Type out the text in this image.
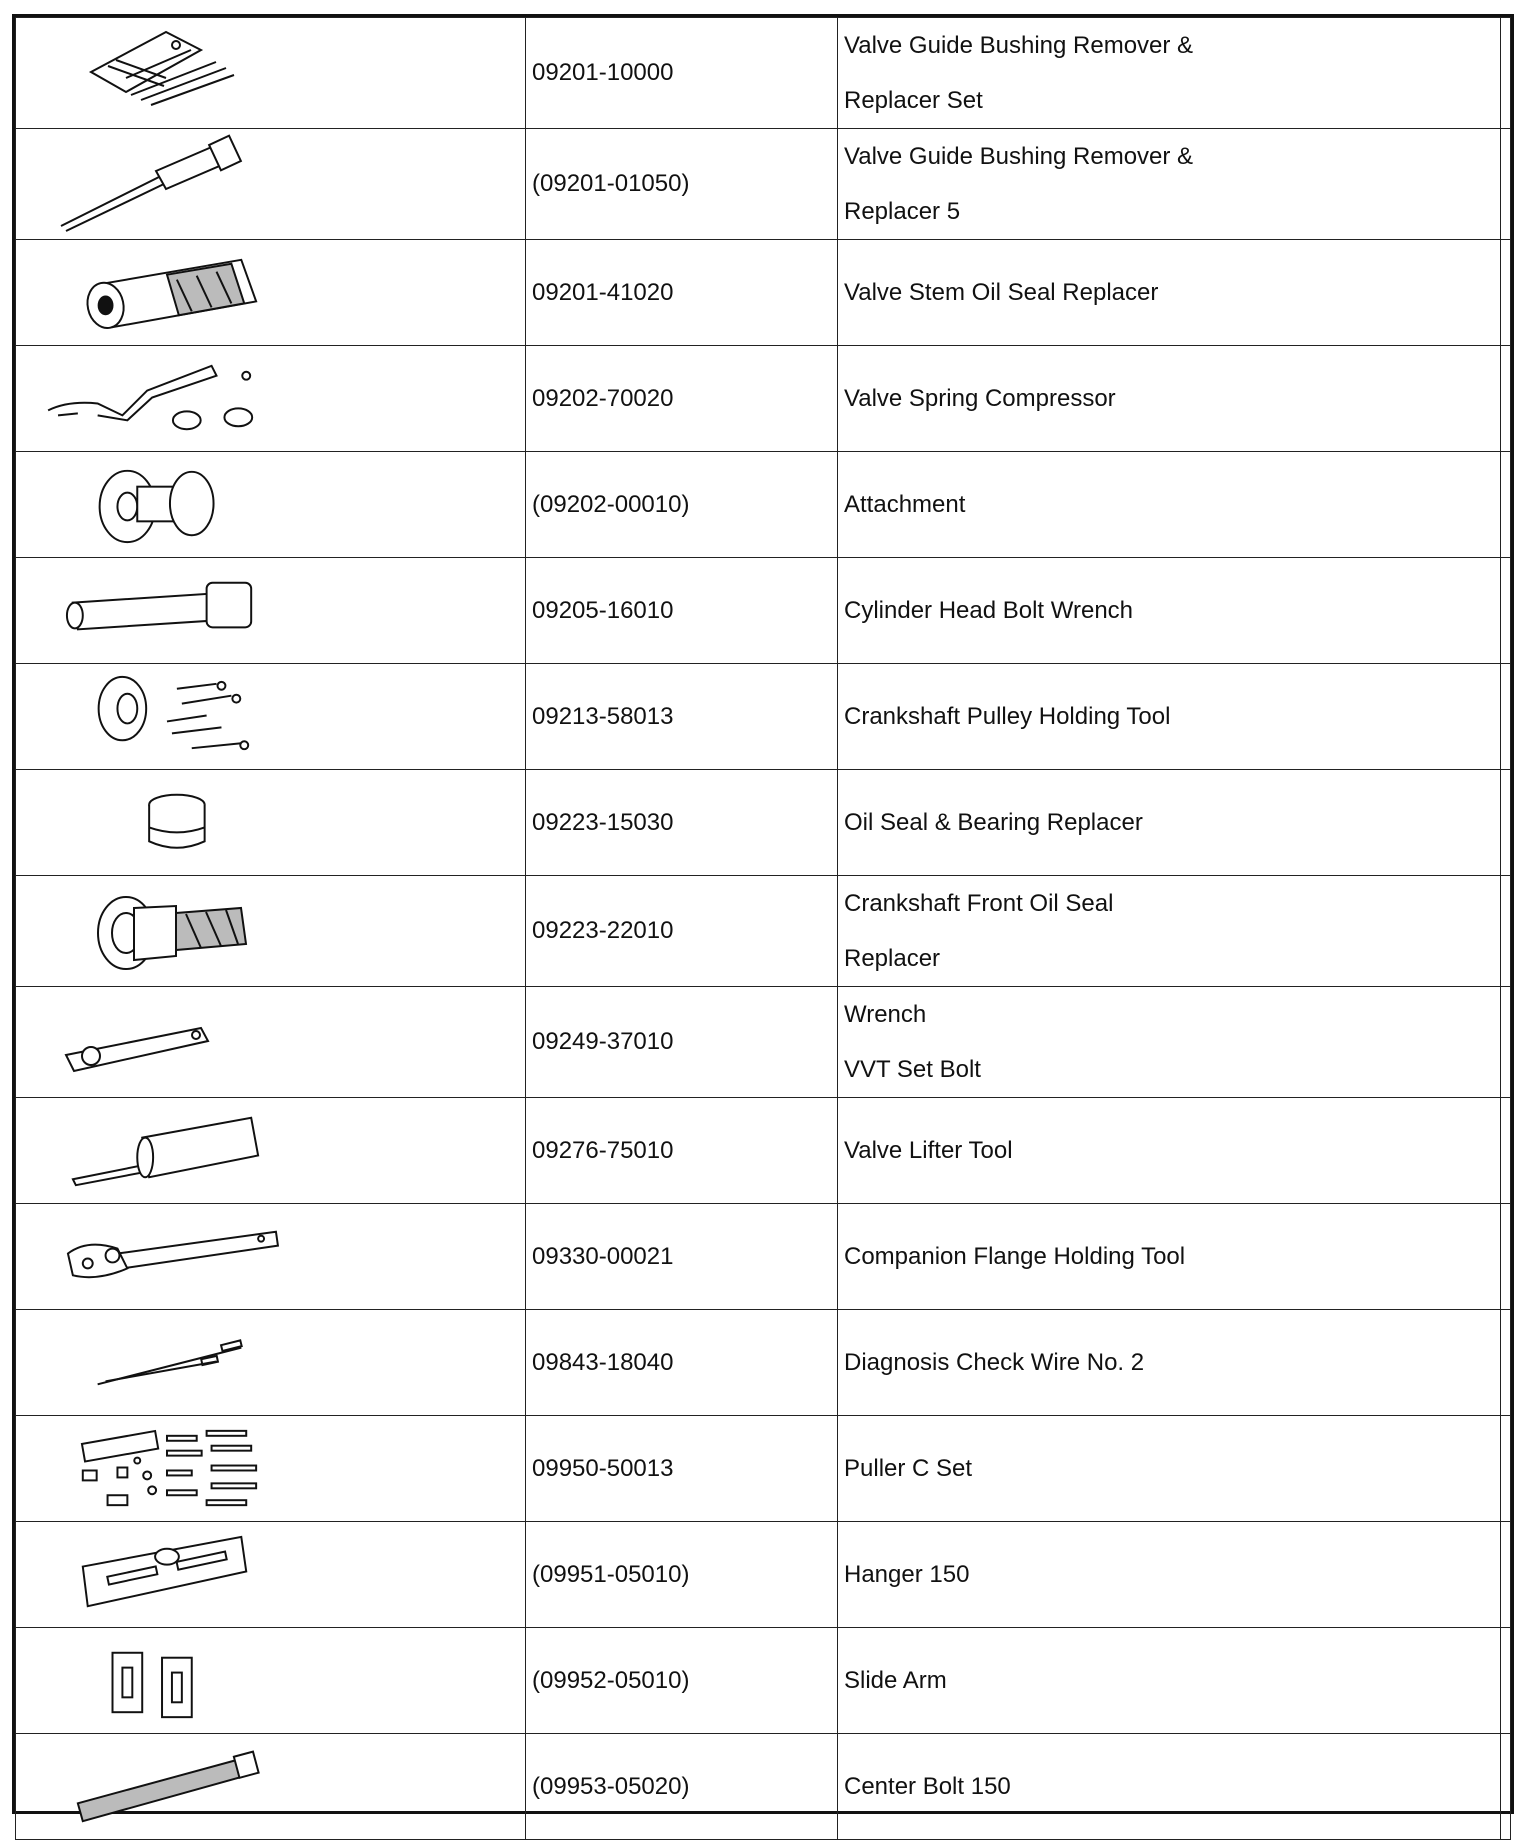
	09201-10000	Valve Guide Bushing Remover &
Replacer Set	

	(09201-01050)	Valve Guide Bushing Remover &
Replacer 5	

	09201-41020	Valve Stem Oil Seal Replacer	

	09202-70020	Valve Spring Compressor	

	(09202-00010)	Attachment	

	09205-16010	Cylinder Head Bolt Wrench	

	09213-58013	Crankshaft Pulley Holding Tool	

	09223-15030	Oil Seal & Bearing Replacer	

	09223-22010	Crankshaft Front Oil Seal
Replacer	

	09249-37010	Wrench
VVT Set Bolt	

	09276-75010	Valve Lifter Tool	

	09330-00021	Companion Flange Holding Tool	

	09843-18040	Diagnosis Check Wire No. 2	

	09950-50013	Puller C Set	

	(09951-05010)	Hanger 150	

	(09952-05010)	Slide Arm	

	(09953-05020)	Center Bolt 150	
